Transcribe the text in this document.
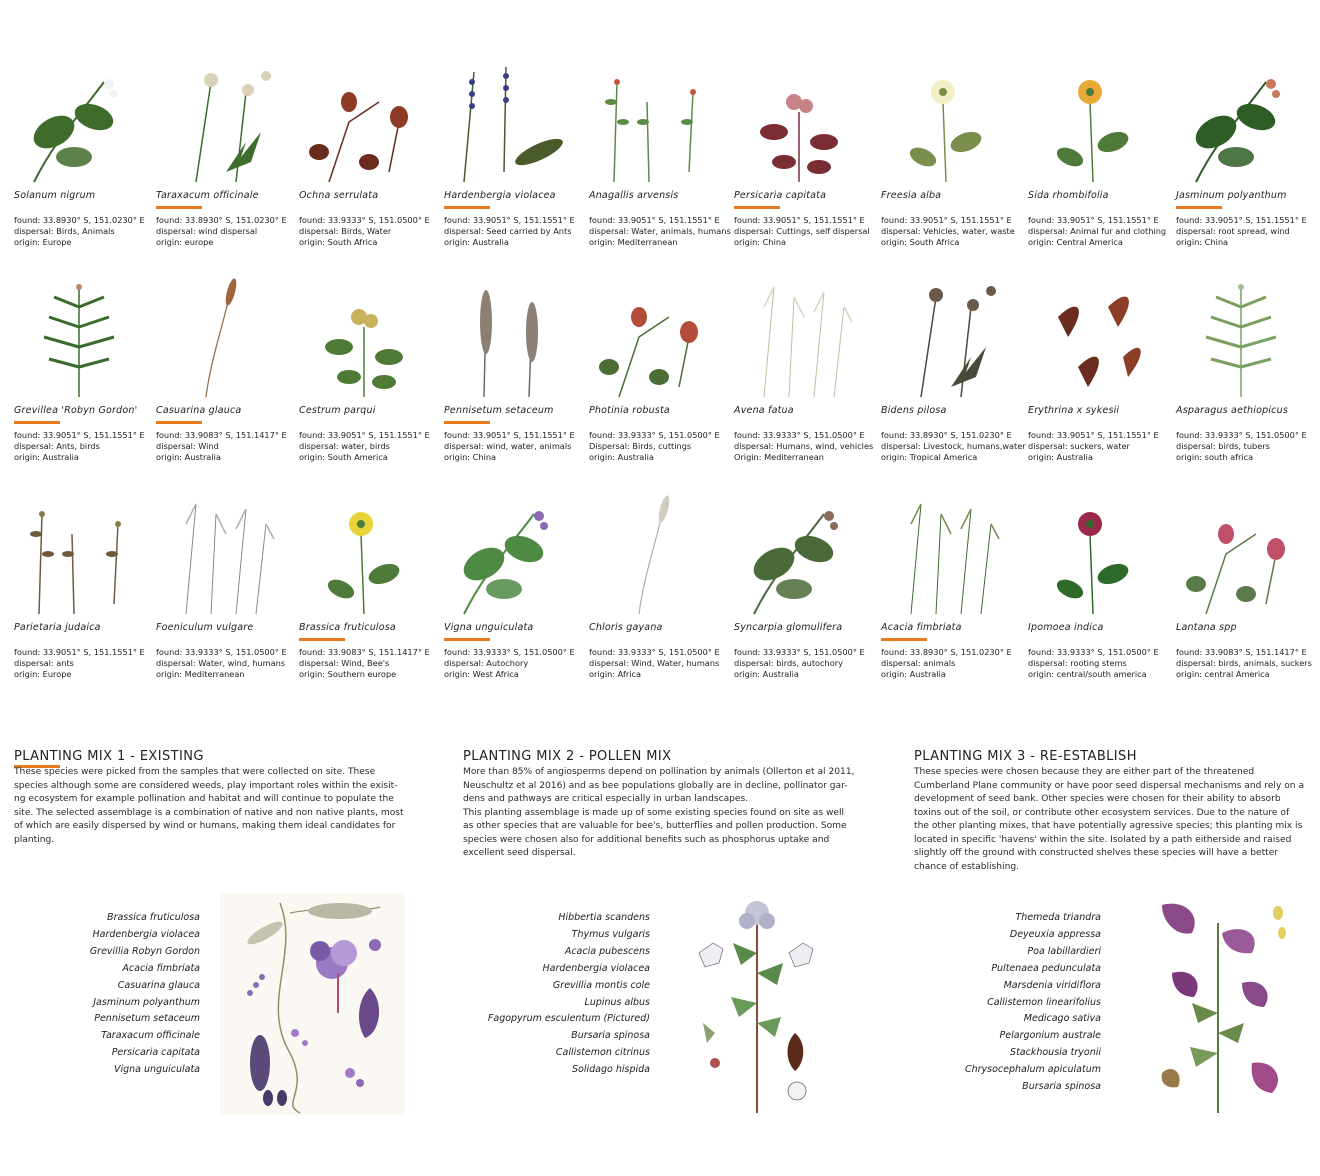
Solanum nigrum
found: 33.8930° S, 151.0230° E
dispersal: Birds, Animals
origin: Europe
Taraxacum officinale
found: 33.8930° S, 151.0230° E
dispersal: wind dispersal
origin: europe
Ochna serrulata
found: 33.9333° S, 151.0500° E
dispersal: Birds, Water
origin: South Africa
Hardenbergia violacea
found: 33.9051° S, 151.1551° E
dispersal: Seed carried by Ants
origin: Australia
Anagallis arvensis
found: 33.9051° S, 151.1551° E
dispersal: Water, animals, humans
origin: Mediterranean
Persicaria capitata
found: 33.9051° S, 151.1551° E
dispersal: Cuttings, self dispersal
origin: China
Freesia alba
found: 33.9051° S, 151.1551° E
dispersal: Vehicles, water, waste
origin: South Africa
Sida rhombifolia
found: 33.9051° S, 151.1551° E
dispersal: Animal fur and clothing
origin: Central America
Jasminum polyanthum
found: 33.9051° S, 151.1551° E
dispersal: root spread, wind
origin: China
Grevillea 'Robyn Gordon'
found: 33.9051° S, 151.1551° E
dispersal: Ants, birds
origin: Australia
Casuarina glauca
found: 33.9083° S, 151.1417° E
dispersal: Wind
origin: Australia
Cestrum parqui
found: 33.9051° S, 151.1551° E
dispersal: water, birds
origin: South America
Pennisetum setaceum
found: 33.9051° S, 151.1551° E
dispersal: wind, water, animals
origin: China
Photinia robusta
found: 33.9333° S, 151.0500° E
Dispersal: Birds, cuttings
origin: Australia
Avena fatua
found: 33.9333° S, 151.0500° E
dispersal: Humans, wind, vehicles
Origin: Mediterranean
Bidens pilosa
found: 33.8930° S, 151.0230° E
dispersal: Livestock, humans,water
origin: Tropical America
Erythrina x sykesii
found: 33.9051° S, 151.1551° E
dispersal: suckers, water
origin: Australia
Asparagus aethiopicus
found: 33.9333° S, 151.0500° E
dispersal: birds, tubers
origin: south africa
Parietaria judaica
found: 33.9051° S, 151.1551° E
dispersal: ants
origin: Europe
Foeniculum vulgare
found: 33.9333° S, 151.0500° E
dispersal: Water, wind, humans
origin: Mediterranean
Brassica fruticulosa
found: 33.9083° S, 151.1417° E
dispersal: Wind, Bee's
origin: Southern europe
Vigna unguiculata
found: 33.9333° S, 151.0500° E
dispersal: Autochory
origin: West Africa
Chloris gayana
found: 33.9333° S, 151.0500° E
dispersal: Wind, Water, humans
origin: Africa
Syncarpia glomulifera
found: 33.9333° S, 151.0500° E
dispersal: birds, autochory
origin: Australia
Acacia fimbriata
found: 33.8930° S, 151.0230° E
dispersal: animals
origin: Australia
Ipomoea indica
found: 33.9333° S, 151.0500° E
dispersal: rooting stems
origin: central/south america
Lantana spp
found: 33.9083° S, 151.1417° E
dispersal: birds, animals, suckers
origin: central America
PLANTING MIX 1 - EXISTING

These species were picked from the samples that were collected on site. These species although some are considered weeds, play important roles within the exisit-ng ecosystem for example pollination and habitat and will continue to populate the site. The selected assemblage is a combination of native and non native plants, most of which are easily dispersed by wind or humans, making them ideal candidates for planting.

Brassica fruticulosa
Hardenbergia violacea
Grevillia Robyn Gordon
Acacia fimbriata
Casuarina glauca
Jasminum polyanthum
Pennisetum setaceum
Taraxacum officinale
Persicaria capitata
Vigna unguiculata
PLANTING MIX 2 - POLLEN MIX

More than 85% of angiosperms depend on pollination by animals (Ollerton et al 2011, Neuschultz et al 2016) and as bee populations globally are in decline, pollinator gar-dens and pathways are critical especially in urban landscapes.

This planting assemblage is made up of some existing species found on site as well as other species that are valuable for bee's, butterflies and pollen production. Some species were chosen also for additional benefits such as phosphorus uptake and excellent seed dispersal.

Hibbertia scandens
Thymus vulgaris
Acacia pubescens
Hardenbergia violacea
Grevillia montis cole
Lupinus albus
Fagopyrum esculentum (Pictured)
Bursaria spinosa
Callistemon citrinus
Solidago hispida
PLANTING MIX 3 - RE-ESTABLISH

These species were chosen because they are either part of the threatened Cumberland Plane community or have poor seed dispersal mechanisms and rely on a development of seed bank. Other species were chosen for their ability to absorb toxins out of the soil, or contribute other ecosystem services. Due to the nature of the other planting mixes, that have potentially agressive species; this planting mix is located in specific 'havens' within the site. Isolated by a path eitherside and raised slightly off the ground with constructed shelves these species will have a better chance of establishing.

Themeda triandra
Deyeuxia appressa
Poa labillardieri
Pultenaea pedunculata
Marsdenia viridiflora
Callistemon linearifolius
Medicago sativa
Pelargonium australe
Stackhousia tryonii
Chrysocephalum apiculatum
Bursaria spinosa
